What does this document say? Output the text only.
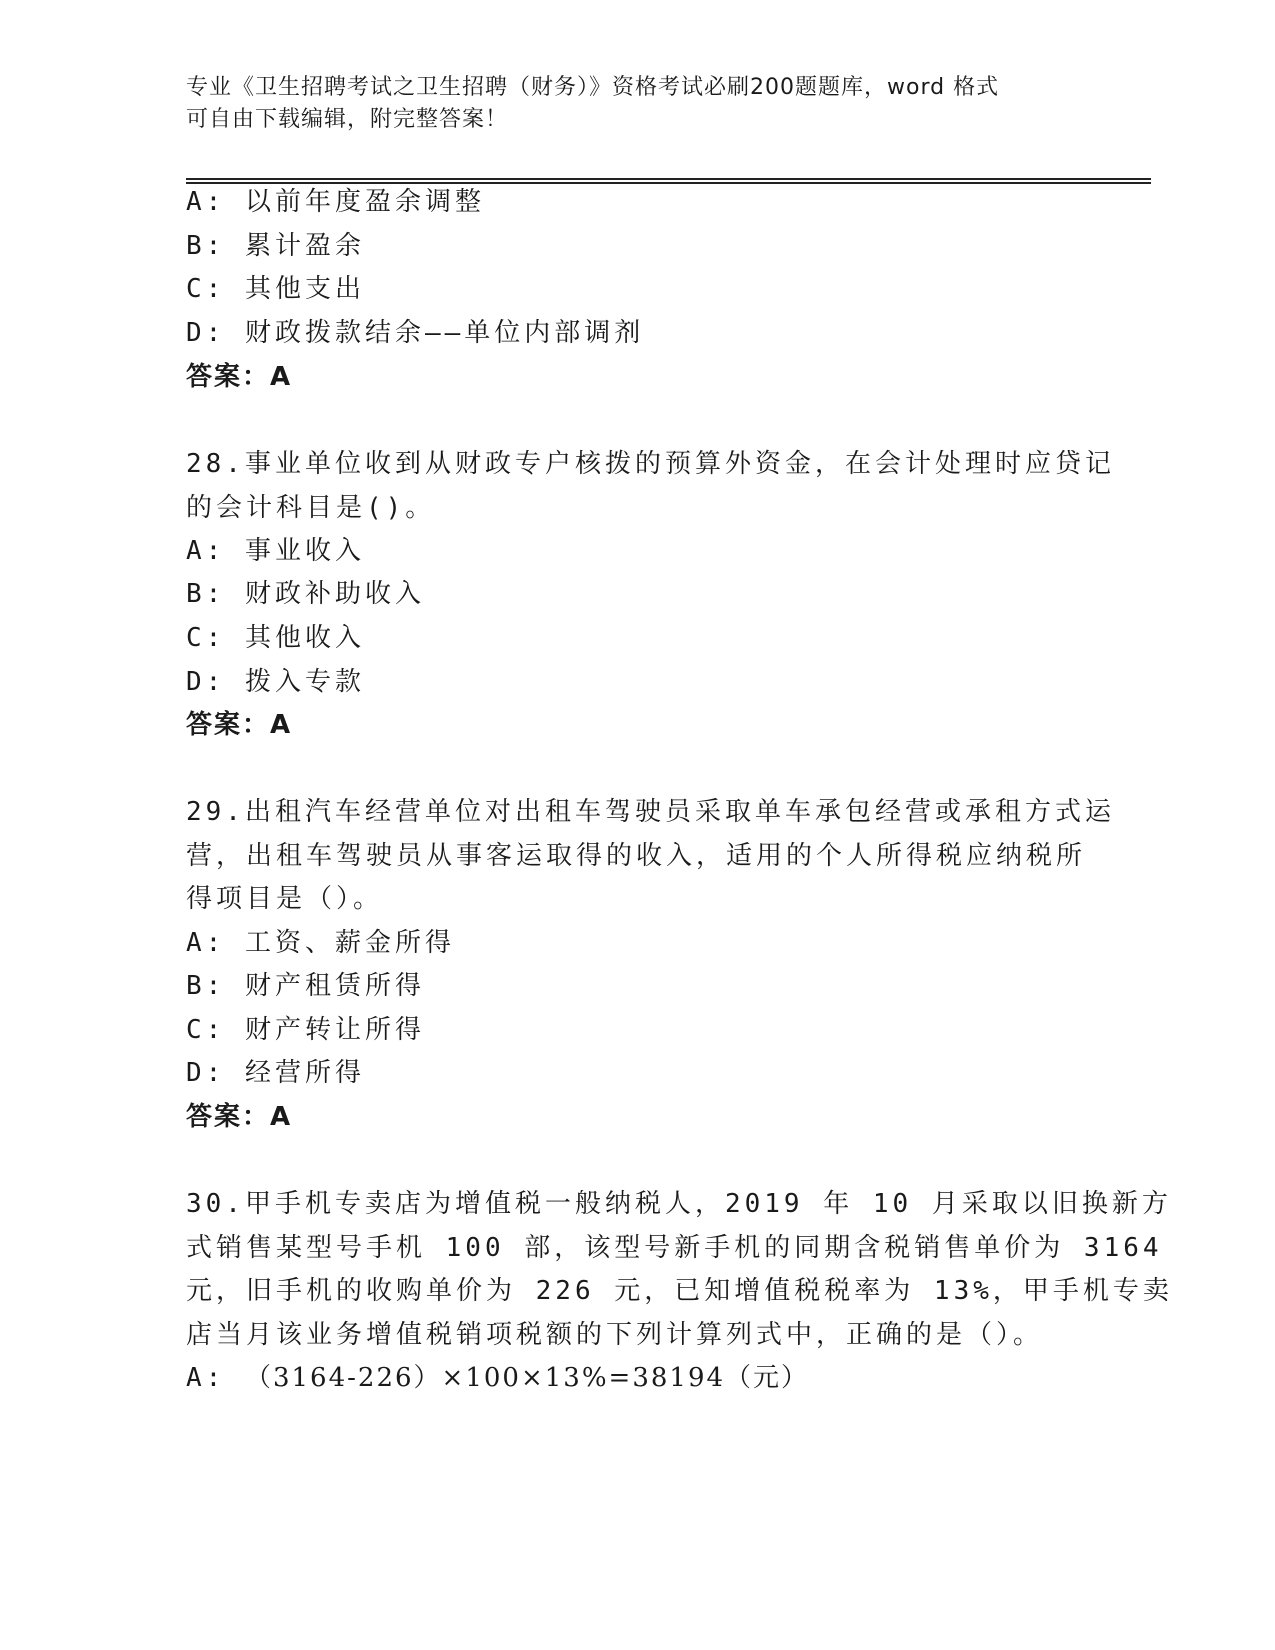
专业《卫生招聘考试之卫生招聘（财务）》资格考试必刷200题题库，word 格式
可自由下载编辑，附完整答案！
A: 以前年度盈余调整
B: 累计盈余
C: 其他支出
D: 财政拨款结余——单位内部调剂
答案：A
28.事业单位收到从财政专户核拨的预算外资金，在会计处理时应贷记
的会计科目是()。
A: 事业收入
B: 财政补助收入
C: 其他收入
D: 拨入专款
答案：A
29.出租汽车经营单位对出租车驾驶员采取单车承包经营或承租方式运
营，出租车驾驶员从事客运取得的收入，适用的个人所得税应纳税所
得项目是（）。
A: 工资、薪金所得
B: 财产租赁所得
C: 财产转让所得
D: 经营所得
答案：A
30.甲手机专卖店为增值税一般纳税人，2019 年 10 月采取以旧换新方
式销售某型号手机 100 部，该型号新手机的同期含税销售单价为 3164
元，旧手机的收购单价为 226 元，已知增值税税率为 13%，甲手机专卖
店当月该业务增值税销项税额的下列计算列式中，正确的是（）。
A: （3164-226）×100×13%=38194（元）
